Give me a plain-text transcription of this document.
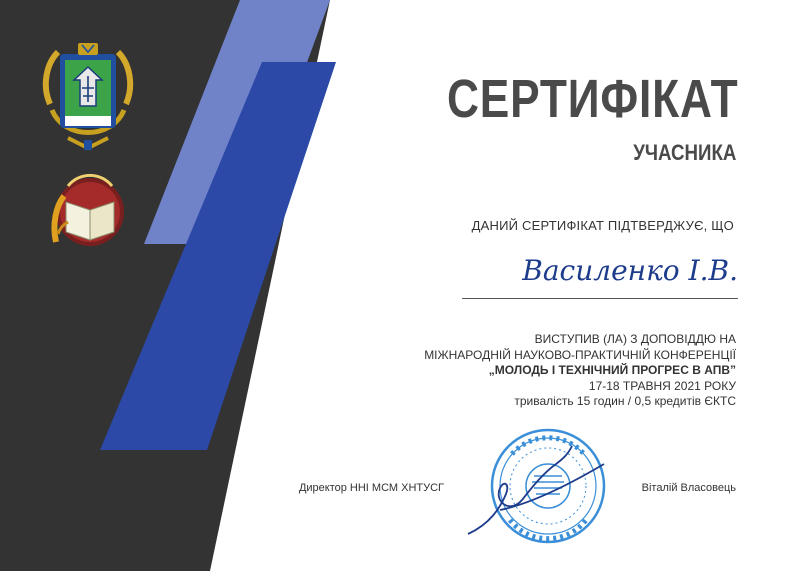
СЕРТИФІКАТ
УЧАСНИКА
ДАНИЙ СЕРТИФІКАТ ПІДТВЕРДЖУЄ, ЩО
Василенко І.В.
ВИСТУПИВ (ЛА) З ДОПОВІДДЮ НА
МІЖНАРОДНІЙ НАУКОВО-ПРАКТИЧНІЙ КОНФЕРЕНЦІЇ
„МОЛОДЬ І ТЕХНІЧНИЙ ПРОГРЕС В АПВ”
17-18 ТРАВНЯ 2021 РОКУ
тривалість 15 годин / 0,5 кредитів ЄКТС
Директор ННІ МСМ ХНТУСГ	Віталій Власовець
